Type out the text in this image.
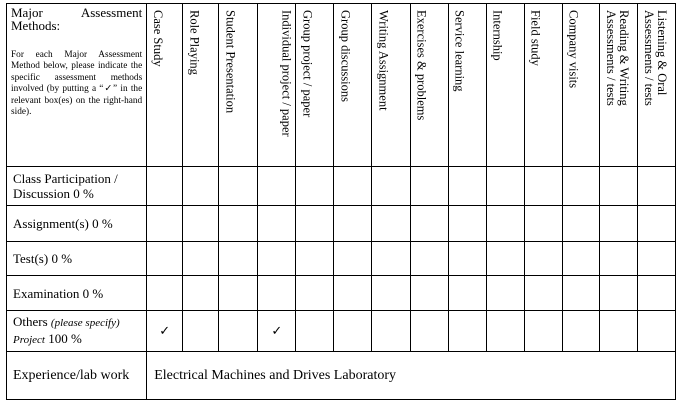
Major Assessment
Methods:
For each Major Assessment Method below, please indicate the specific assessment methods involved (by putting a “✓” in the relevant box(es) on the right-hand side).	Case Study	Role Playing	Student Presentation	Individual project / paper	Group project / paper	Group discussions	Writing Assignment	Exercises & problems	Service learning	Internship	Field study	Company visits	Reading & Writing Assessments / tests	Listening & Oral Assessments / tests

Class Participation / Discussion 0 %														
Assignment(s) 0 %														
Test(s) 0 %														
Examination 0 %														
Others (please specify)
Project 100 %	✓			✓										
Experience/lab work	Electrical Machines and Drives Laboratory													
